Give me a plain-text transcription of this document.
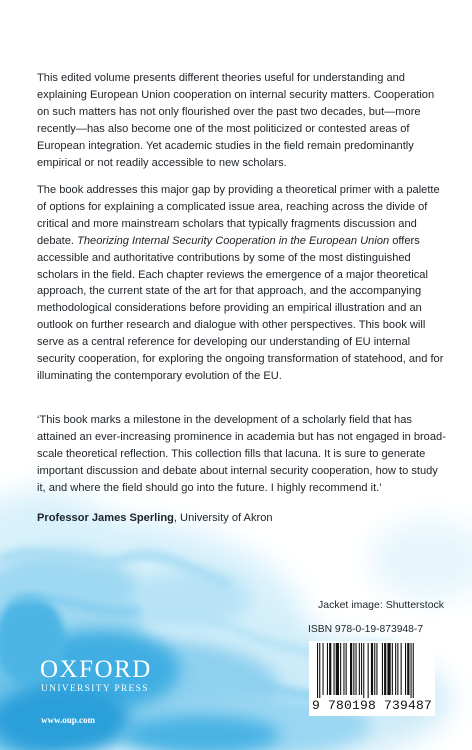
This edited volume presents different theories useful for understanding and explaining European Union cooperation on internal security matters. Cooperation on such matters has not only flourished over the past two decades, but—more recently—has also become one of the most politicized or contested areas of European integration. Yet academic studies in the field remain predominantly empirical or not readily accessible to new scholars.

The book addresses this major gap by providing a theoretical primer with a palette of options for explaining a complicated issue area, reaching across the divide of critical and more mainstream scholars that typically fragments discussion and debate. Theorizing Internal Security Cooperation in the European Union offers accessible and authoritative contributions by some of the most distinguished scholars in the field. Each chapter reviews the emergence of a major theoretical approach, the current state of the art for that approach, and the accompanying methodological considerations before providing an empirical illustration and an outlook on further research and dialogue with other perspectives. This book will serve as a central reference for developing our understanding of EU internal security cooperation, for exploring the ongoing transformation of statehood, and for illuminating the contemporary evolution of the EU.

‘This book marks a milestone in the development of a scholarly field that has attained an ever-increasing prominence in academia but has not engaged in broad-scale theoretical reflection. This collection fills that lacuna. It is sure to generate important discussion and debate about internal security cooperation, how to study it, and where the field should go into the future. I highly recommend it.’

Professor James Sperling, University of Akron

Jacket image: Shutterstock
ISBN 978-0-19-873948-7
9 780198 739487
OXFORD
UNIVERSITY PRESS
www.oup.com
